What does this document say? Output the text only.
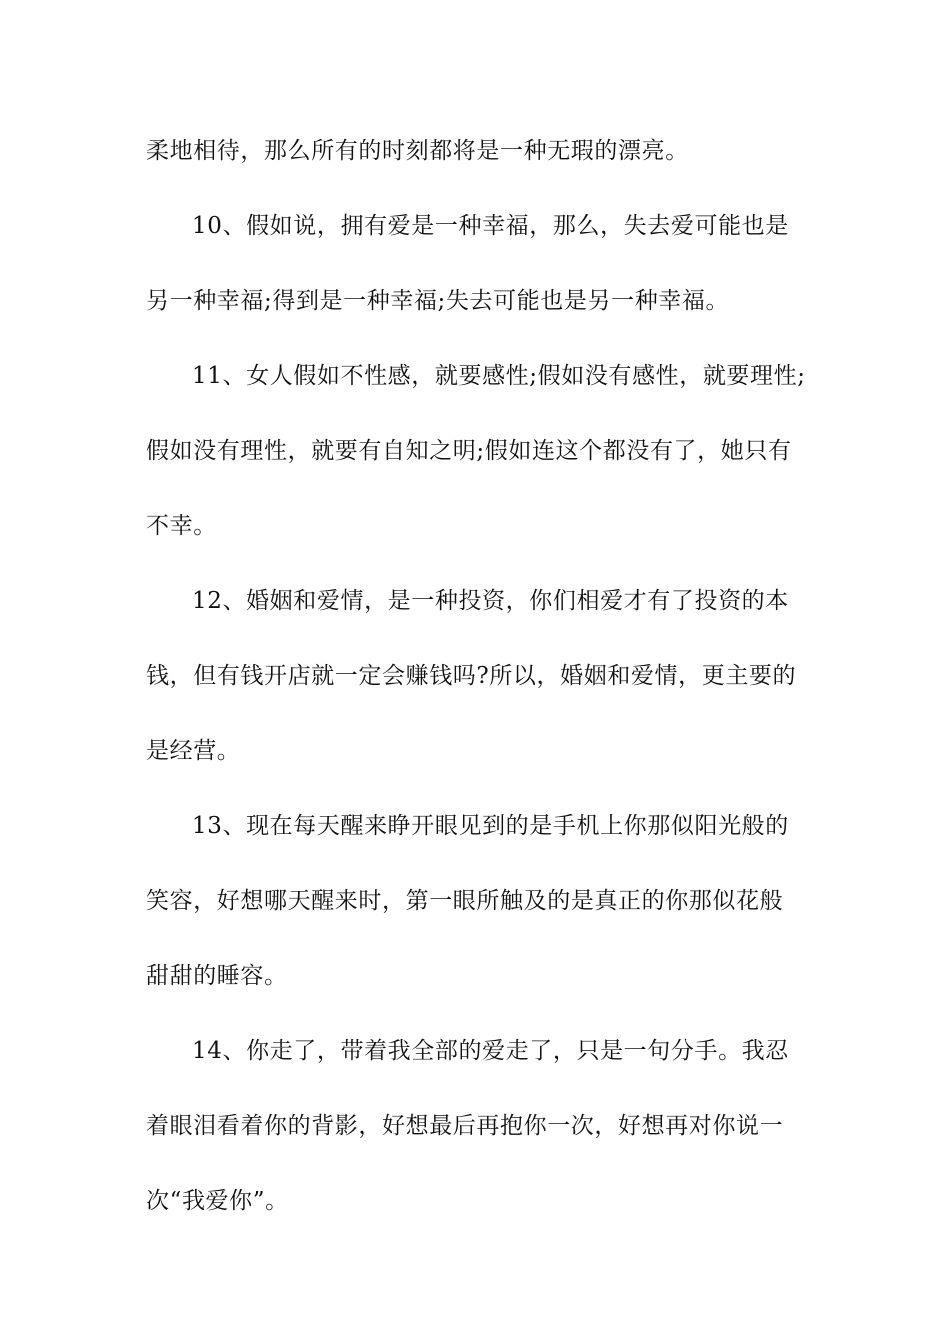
柔地相待，那么所有的时刻都将是一种无瑕的漂亮。
10、假如说，拥有爱是一种幸福，那么，失去爱可能也是
另一种幸福;得到是一种幸福;失去可能也是另一种幸福。
11、女人假如不性感，就要感性;假如没有感性，就要理性;
假如没有理性，就要有自知之明;假如连这个都没有了，她只有
不幸。
12、婚姻和爱情，是一种投资，你们相爱才有了投资的本
钱，但有钱开店就一定会赚钱吗?所以，婚姻和爱情，更主要的
是经营。
13、现在每天醒来睁开眼见到的是手机上你那似阳光般的
笑容，好想哪天醒来时，第一眼所触及的是真正的你那似花般
甜甜的睡容。
14、你走了，带着我全部的爱走了，只是一句分手。我忍
着眼泪看着你的背影，好想最后再抱你一次，好想再对你说一
次“我爱你”。
